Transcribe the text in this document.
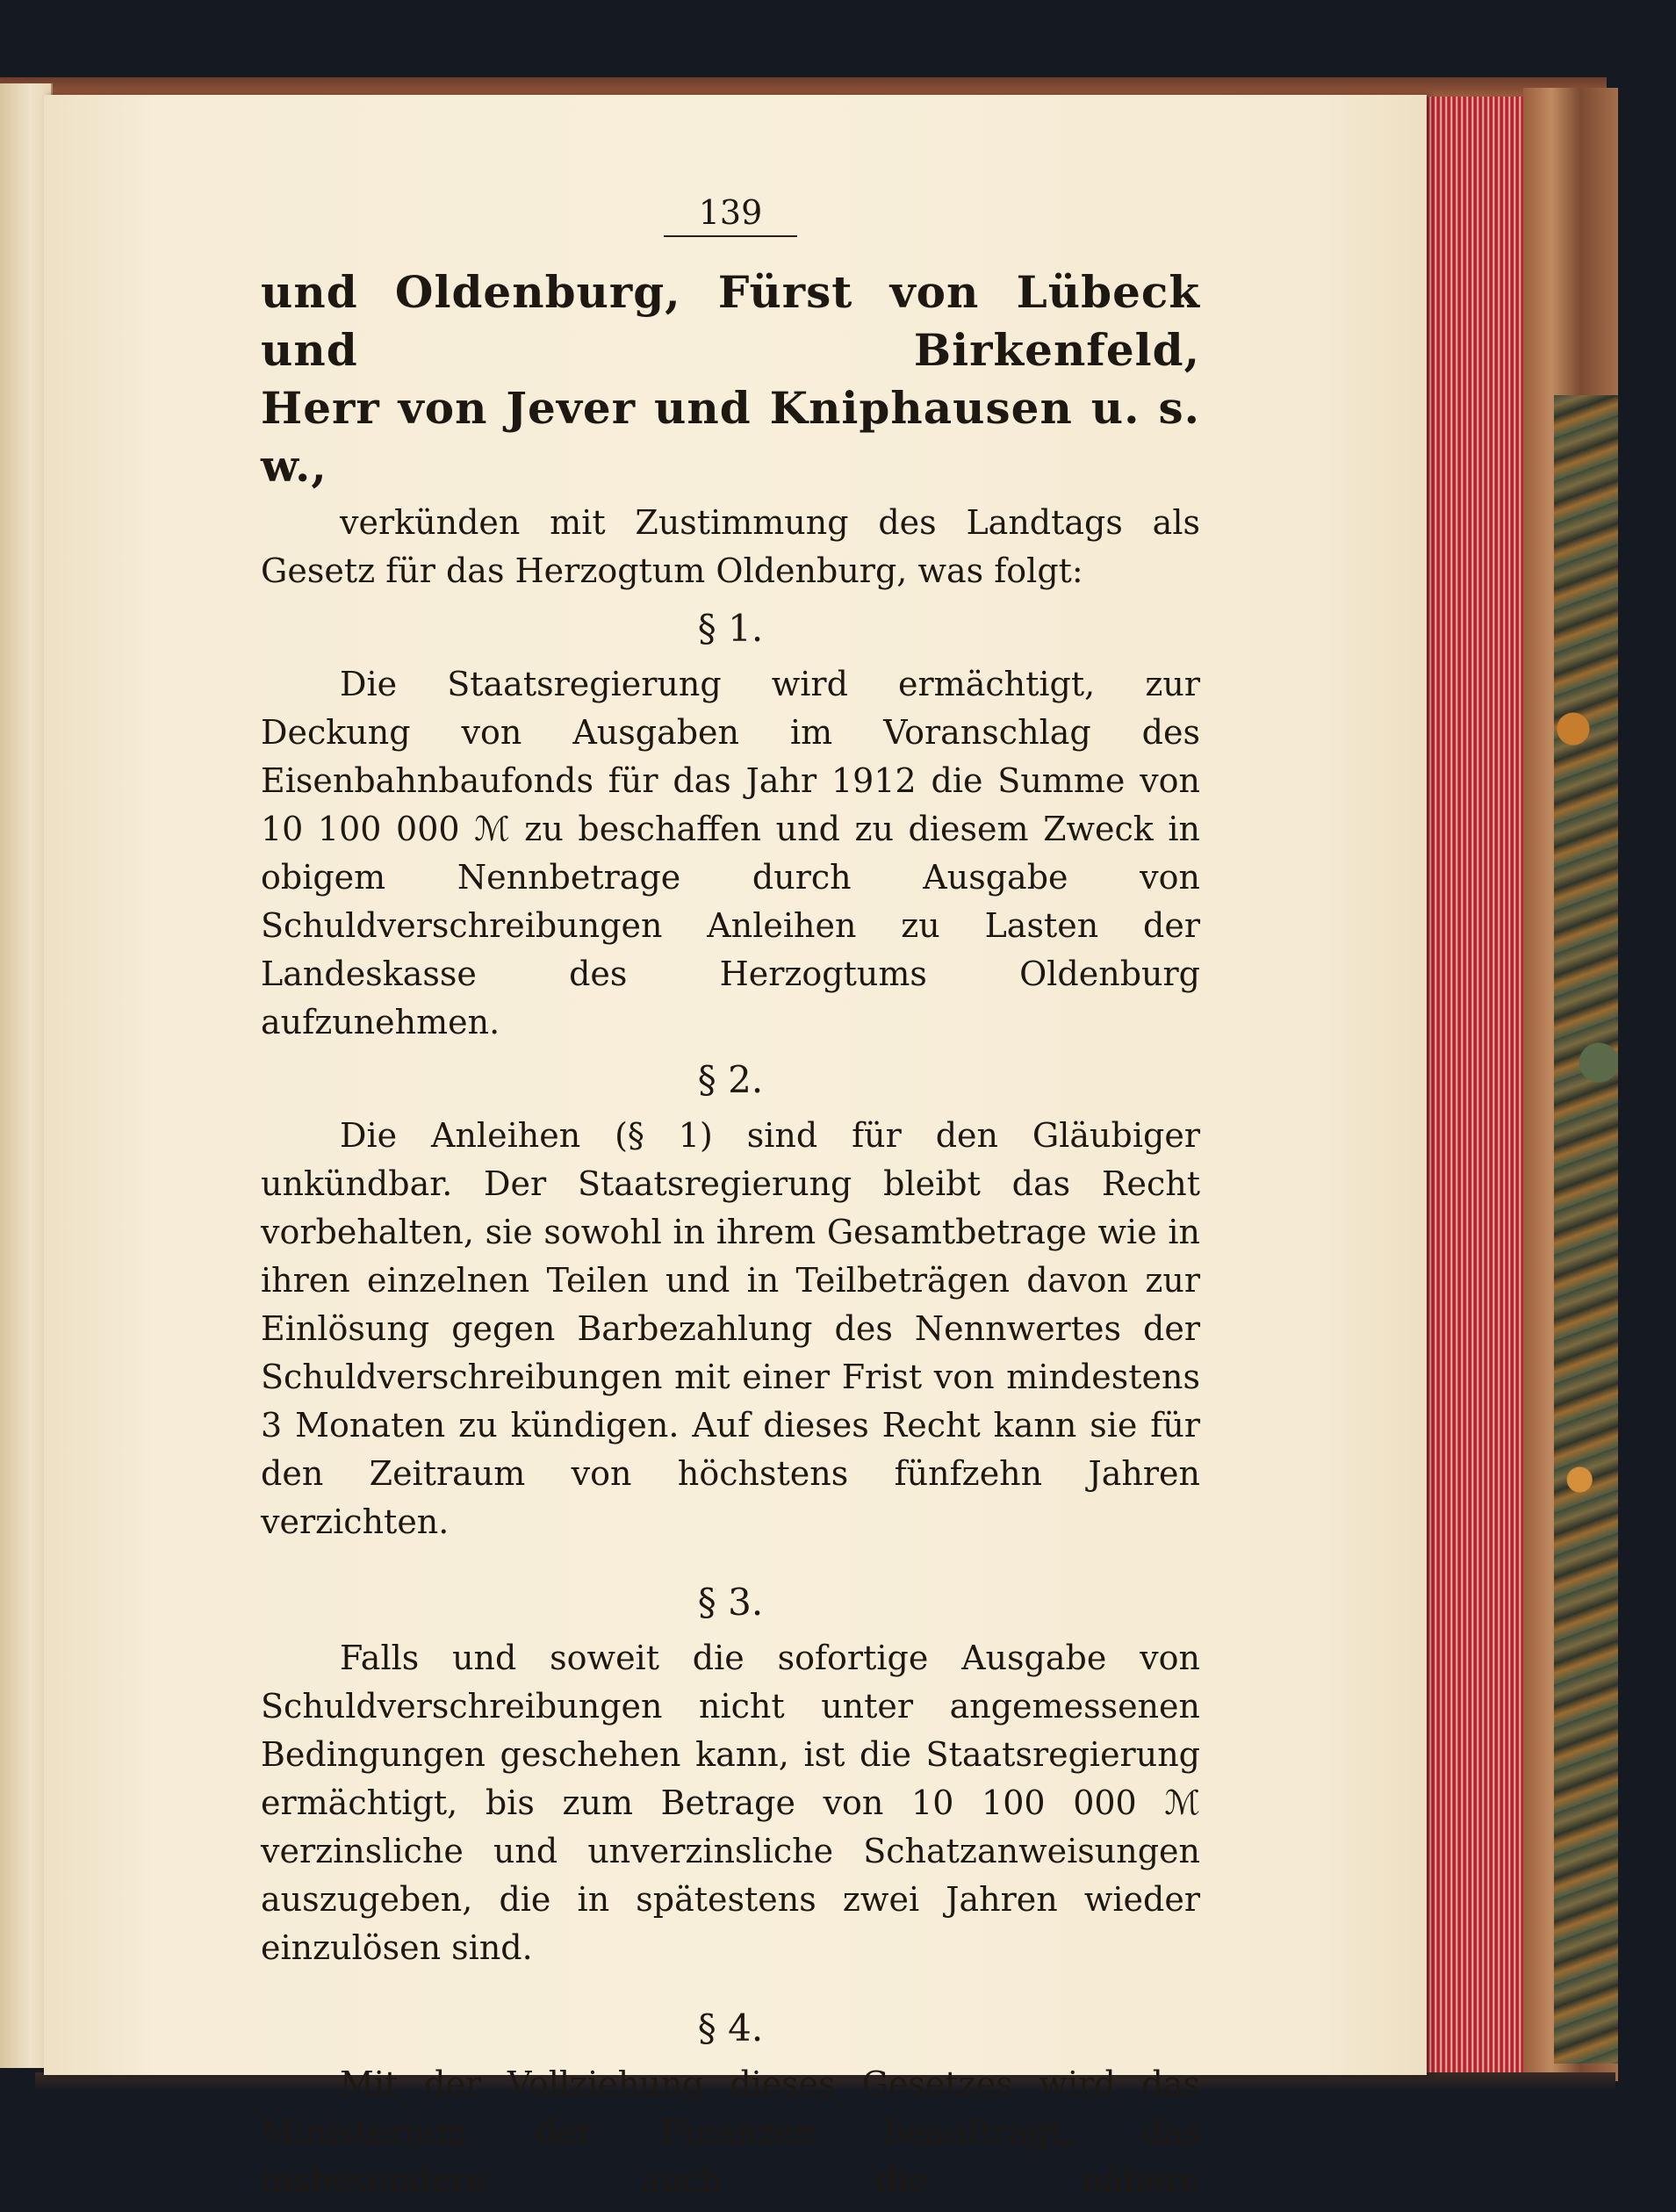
139
und Oldenburg, Fürst von Lübeck und Birkenfeld,
Herr von Jever und Kniphausen u. s. w.,

verkünden mit Zustimmung des Landtags als Gesetz für das Herzogtum Oldenburg, was folgt:

§ 1.

Die Staatsregierung wird ermächtigt, zur Deckung von Ausgaben im Voranschlag des Eisenbahnbaufonds für das Jahr 1912 die Summe von 10 100 000 ℳ zu beschaffen und zu diesem Zweck in obigem Nennbetrage durch Ausgabe von Schuldverschreibungen Anleihen zu Lasten der Landeskasse des Herzogtums Oldenburg aufzunehmen.

§ 2.

Die Anleihen (§ 1) sind für den Gläubiger unkündbar. Der Staatsregierung bleibt das Recht vorbehalten, sie sowohl in ihrem Gesamtbetrage wie in ihren einzelnen Teilen und in Teilbeträgen davon zur Einlösung gegen Barbezahlung des Nennwertes der Schuldverschreibungen mit einer Frist von mindestens 3 Monaten zu kündigen. Auf dieses Recht kann sie für den Zeitraum von höchstens fünfzehn Jahren verzichten.

§ 3.

Falls und soweit die sofortige Ausgabe von Schuldverschreibungen nicht unter angemessenen Bedingungen geschehen kann, ist die Staatsregierung ermächtigt, bis zum Betrage von 10 100 000 ℳ verzinsliche und unverzinsliche Schatzanweisungen auszugeben, die in spätestens zwei Jahren wieder einzulösen sind.

§ 4.

Mit der Vollziehung dieses Gesetzes wird das Ministerium der Finanzen beauftragt, das insbesondere auch die nähere
